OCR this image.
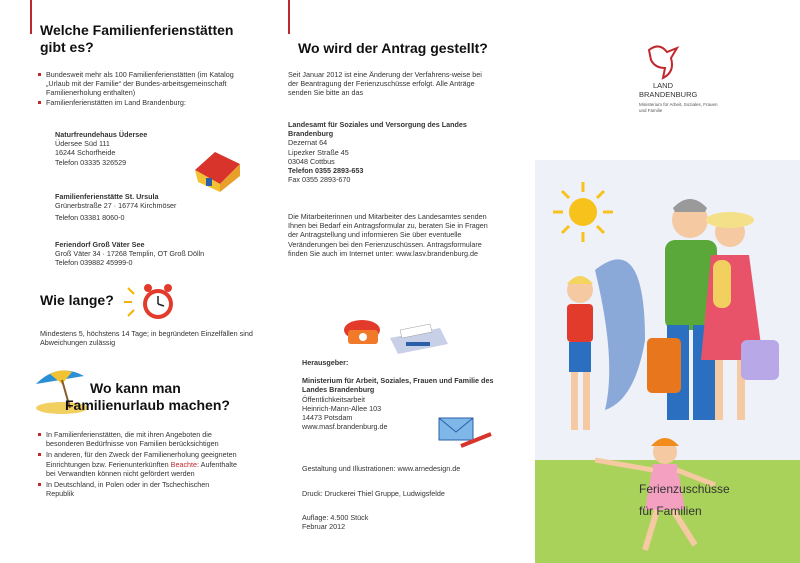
Welche Familienferienstätten gibt es?
Bundesweit mehr als 100 Familienferienstätten (im Katalog „Urlaub mit der Familie“ der Bundes-arbeitsgemeinschaft Familienerholung enthalten)
Familienferienstätten im Land Brandenburg:
Naturfreundehaus Üdersee
Üdersee Süd 111
16244 Schorfheide
Telefon 03335 326529
Familienferienstätte St. Ursula
Grünerbstraße 27 · 16774 Kirchmöser
Telefon 03381 8060-0
Feriendorf Groß Väter See
Groß Väter 34 · 17268 Templin, OT Groß Dölln
Telefon 039882 45999-0
Wie lange?
Mindestens 5, höchstens 14 Tage; in begründeten Einzelfällen sind Abweichungen zulässig
Wo kann man
Familienurlaub machen?
In Familienferienstätten, die mit ihren Angeboten die besonderen Bedürfnisse von Familien berücksichtigen
In anderen, für den Zweck der Familienerholung geeigneten Einrichtungen bzw. Ferienunterkünften Beachte: Aufenthalte bei Verwandten können nicht gefördert werden
In Deutschland, in Polen oder in der Tschechischen Republik
Wo wird der Antrag gestellt?
Seit Januar 2012 ist eine Änderung der Verfahrens-weise bei der Beantragung der Ferienzuschüsse erfolgt. Alle Anträge senden Sie bitte an das
Landesamt für Soziales und Versorgung des Landes Brandenburg
Dezernat 64
Lipezker Straße 45
03048 Cottbus
Telefon 0355 2893-653
Fax 0355 2893-670
Die Mitarbeiterinnen und Mitarbeiter des Landesamtes senden Ihnen bei Bedarf ein Antragsformular zu, beraten Sie in Fragen der Antragstellung und informieren Sie über eventuelle Veränderungen bei den Ferienzuschüssen. Antragsformulare finden Sie auch im Internet unter: www.lasv.brandenburg.de
Herausgeber:
Ministerium für Arbeit, Soziales, Frauen und Familie des Landes Brandenburg
Öffentlichkeitsarbeit
Heinrich-Mann-Allee 103
14473 Potsdam
www.masf.brandenburg.de
Gestaltung und Illustrationen: www.arnedesign.de
Druck: Druckerei Thiel Gruppe, Ludwigsfelde
Auflage: 4.500 Stück
Februar 2012
LAND
BRANDENBURG
Ministerium für Arbeit, Soziales, Frauen und Familie
Ferienzuschüsse
für Familien
